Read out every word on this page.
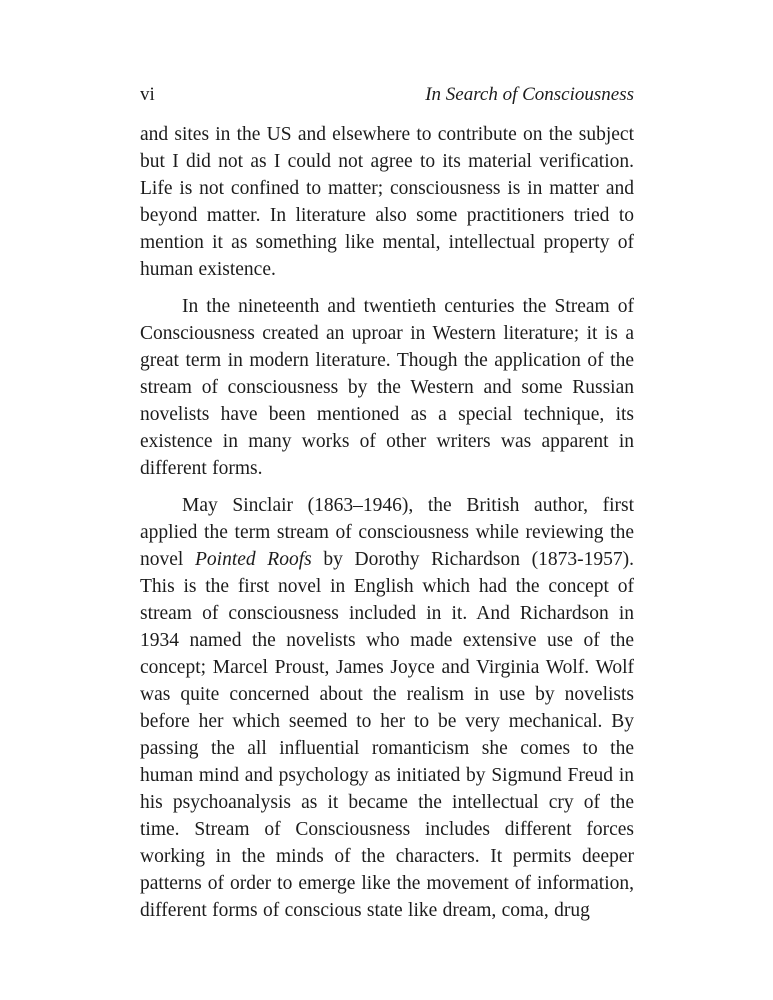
vi	In Search of Consciousness

and sites in the US and elsewhere to contribute on the subject but I did not as I could not agree to its material verification. Life is not confined to matter; consciousness is in matter and beyond matter. In literature also some practitioners tried to mention it as something like mental, intellectual property of human existence.

In the nineteenth and twentieth centuries the Stream of Consciousness created an uproar in Western literature; it is a great term in modern literature. Though the application of the stream of consciousness by the Western and some Russian novelists have been mentioned as a special technique, its existence in many works of other writers was apparent in different forms.

May Sinclair (1863–1946), the British author, first applied the term stream of consciousness while reviewing the novel Pointed Roofs by Dorothy Richardson (1873-1957). This is the first novel in English which had the concept of stream of consciousness included in it. And Richardson in 1934 named the novelists who made extensive use of the concept; Marcel Proust, James Joyce and Virginia Wolf. Wolf was quite concerned about the realism in use by novelists before her which seemed to her to be very mechanical. By passing the all influential romanticism she comes to the human mind and psychology as initiated by Sigmund Freud in his psychoanalysis as it became the intellectual cry of the time. Stream of Consciousness includes different forces working in the minds of the characters. It permits deeper patterns of order to emerge like the movement of information, different forms of conscious state like dream, coma, drug
